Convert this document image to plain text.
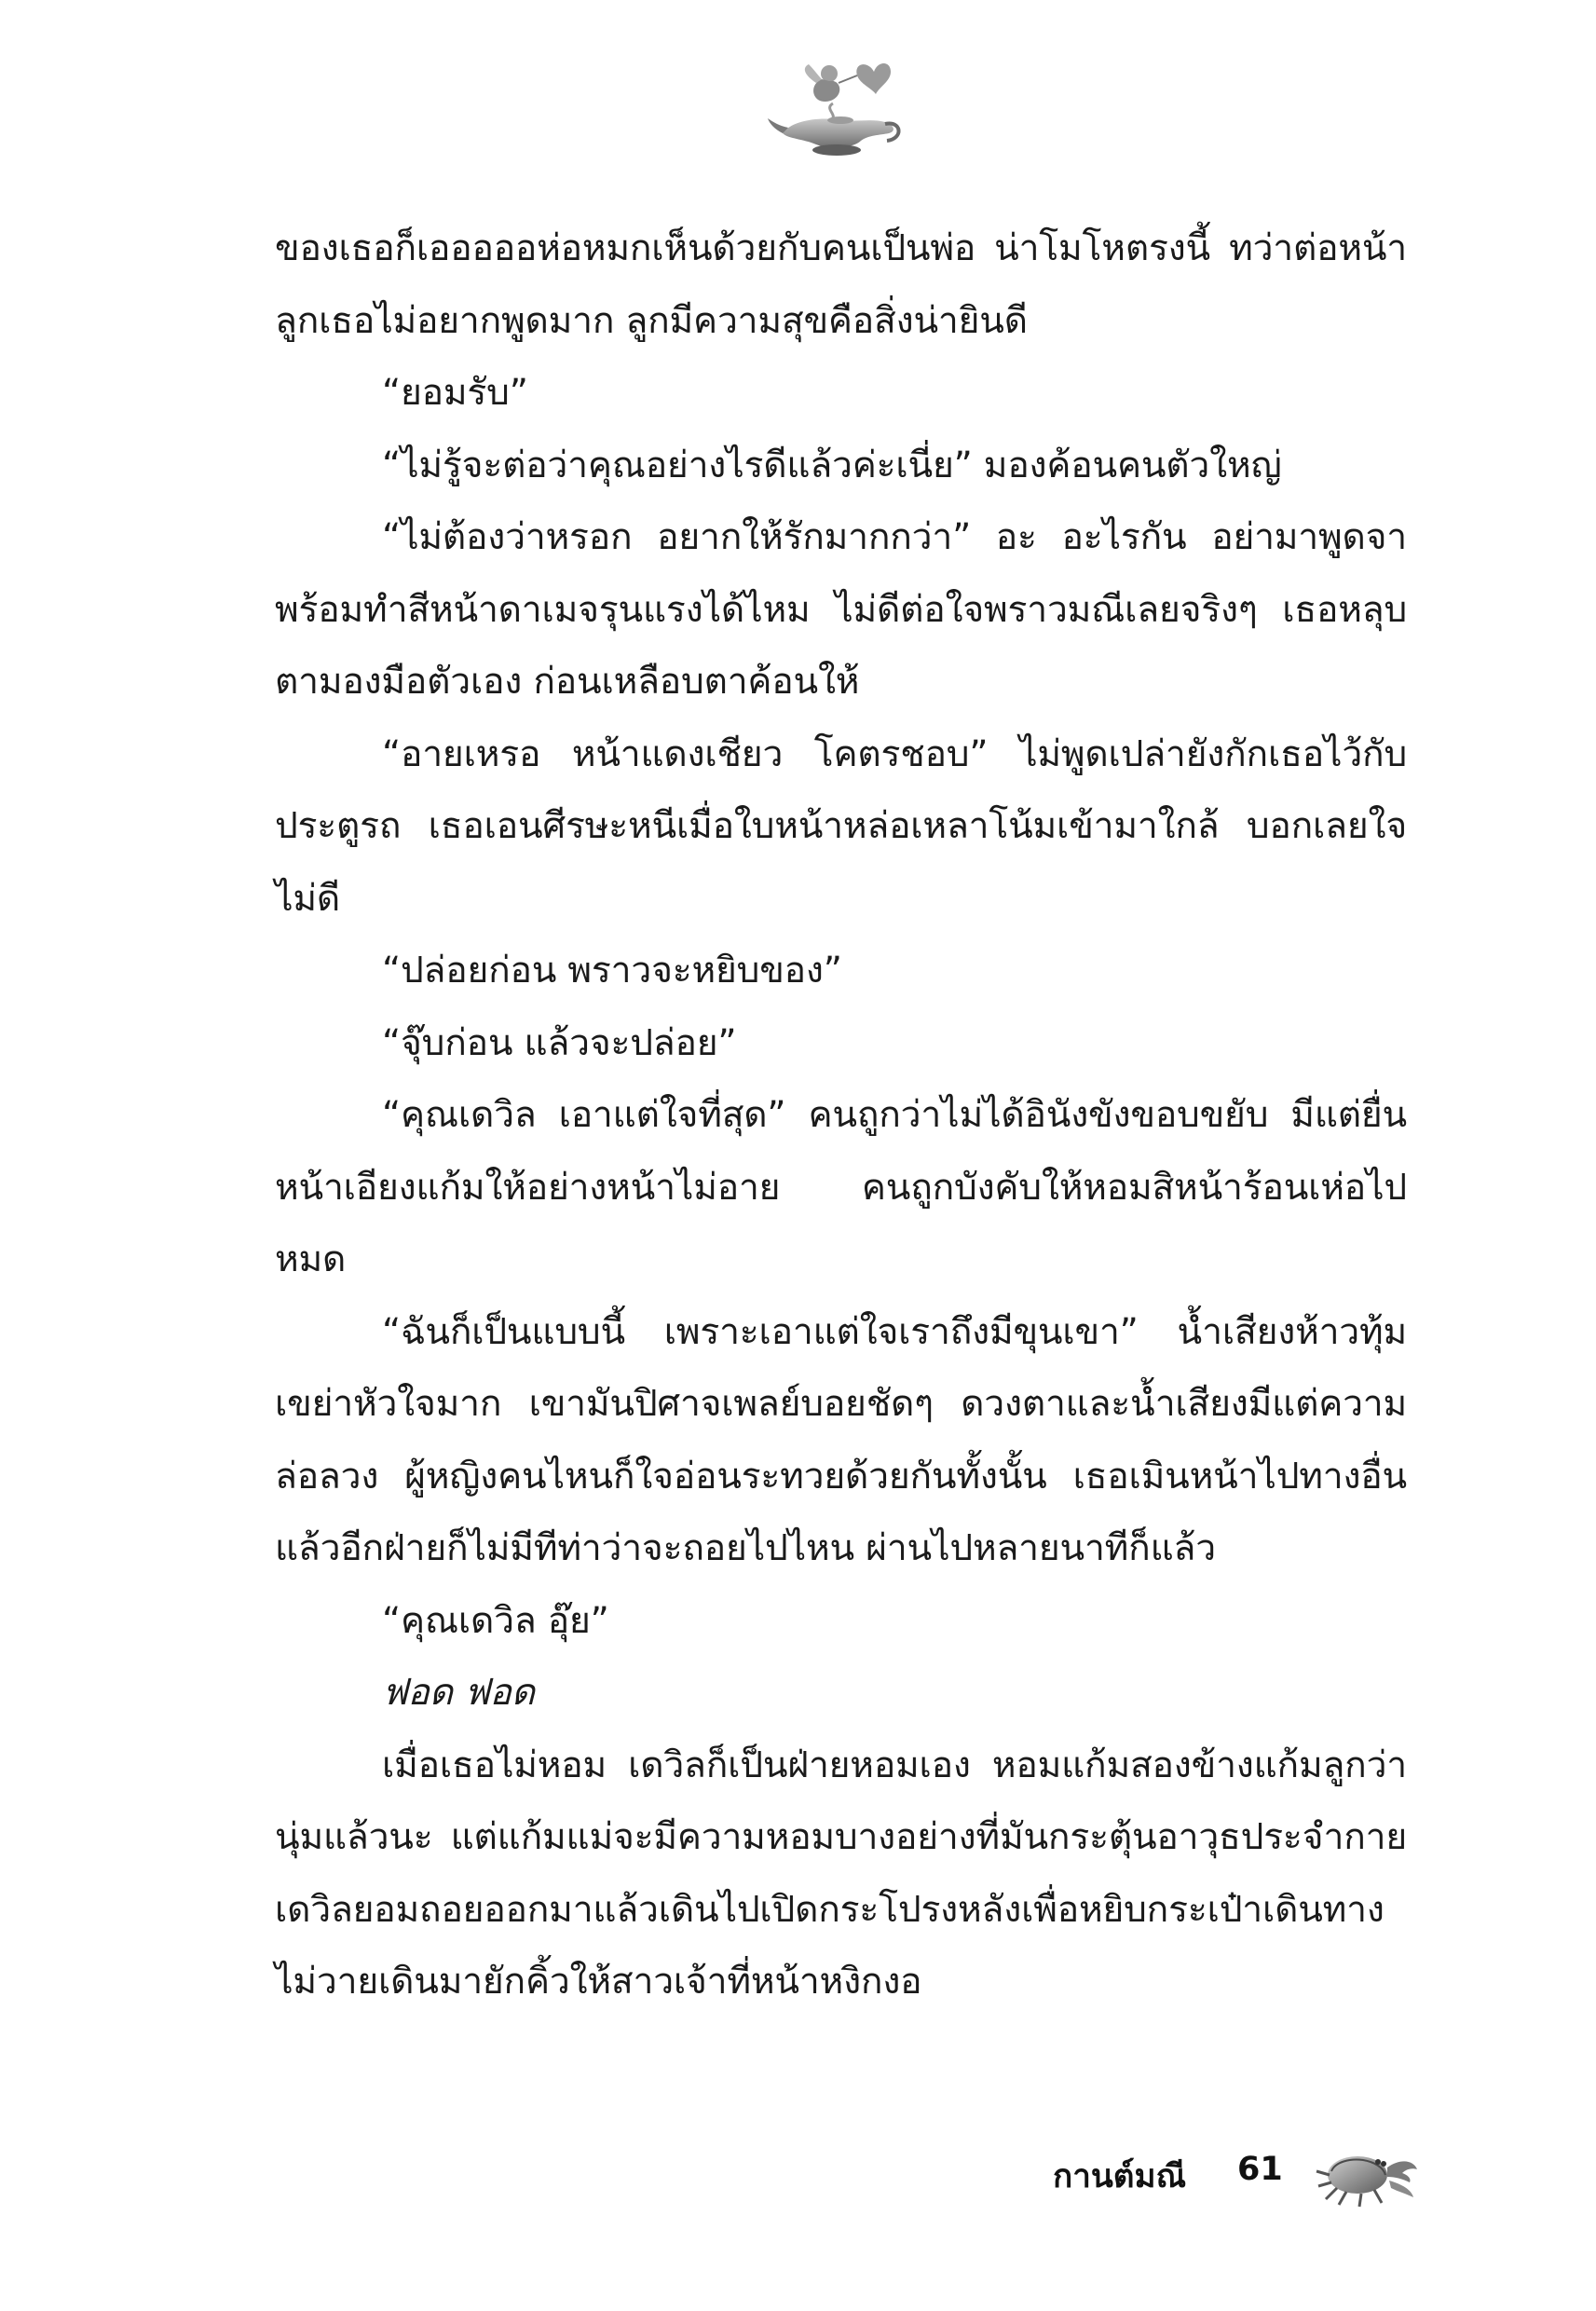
ของเธอก็เอออออห่อหมกเห็นด้วยกับคนเป็นพ่อ น่าโมโหตรงนี้ ทว่าต่อหน้าลูกเธอไม่อยากพูดมาก ลูกมีความสุขคือสิ่งน่ายินดี

“ยอมรับ”

“ไม่รู้จะต่อว่าคุณอย่างไรดีแล้วค่ะเนี่ย” มองค้อนคนตัวใหญ่

“ไม่ต้องว่าหรอก อยากให้รักมากกว่า” อะ อะไรกัน อย่ามาพูดจาพร้อมทำสีหน้าดาเมจรุนแรงได้ไหม ไม่ดีต่อใจพราวมณีเลยจริงๆ เธอหลุบตามองมือตัวเอง ก่อนเหลือบตาค้อนให้

“อายเหรอ หน้าแดงเชียว โคตรชอบ” ไม่พูดเปล่ายังกักเธอไว้กับประตูรถ เธอเอนศีรษะหนีเมื่อใบหน้าหล่อเหลาโน้มเข้ามาใกล้ บอกเลยใจไม่ดี

“ปล่อยก่อน พราวจะหยิบของ”

“จุ๊บก่อน แล้วจะปล่อย”

“คุณเดวิล เอาแต่ใจที่สุด” คนถูกว่าไม่ได้อินังขังขอบขยับ มีแต่ยื่นหน้าเอียงแก้มให้อย่างหน้าไม่อาย คนถูกบังคับให้หอมสิหน้าร้อนเห่อไปหมด

“ฉันก็เป็นแบบนี้ เพราะเอาแต่ใจเราถึงมีขุนเขา” น้ำเสียงห้าวทุ้มเขย่าหัวใจมาก เขามันปิศาจเพลย์บอยชัดๆ ดวงตาและน้ำเสียงมีแต่ความล่อลวง ผู้หญิงคนไหนก็ใจอ่อนระทวยด้วยกันทั้งนั้น เธอเมินหน้าไปทางอื่น แล้วอีกฝ่ายก็ไม่มีทีท่าว่าจะถอยไปไหน ผ่านไปหลายนาทีก็แล้ว

“คุณเดวิล อุ๊ย”

ฟอด ฟอด

เมื่อเธอไม่หอม เดวิลก็เป็นฝ่ายหอมเอง หอมแก้มสองข้างแก้มลูกว่านุ่มแล้วนะ แต่แก้มแม่จะมีความหอมบางอย่างที่มันกระตุ้นอาวุธประจำกาย เดวิลยอมถอยออกมาแล้วเดินไปเปิดกระโปรงหลังเพื่อหยิบกระเป๋าเดินทาง ไม่วายเดินมายักคิ้วให้สาวเจ้าที่หน้าหงิกงอ

กานต์มณี 61
